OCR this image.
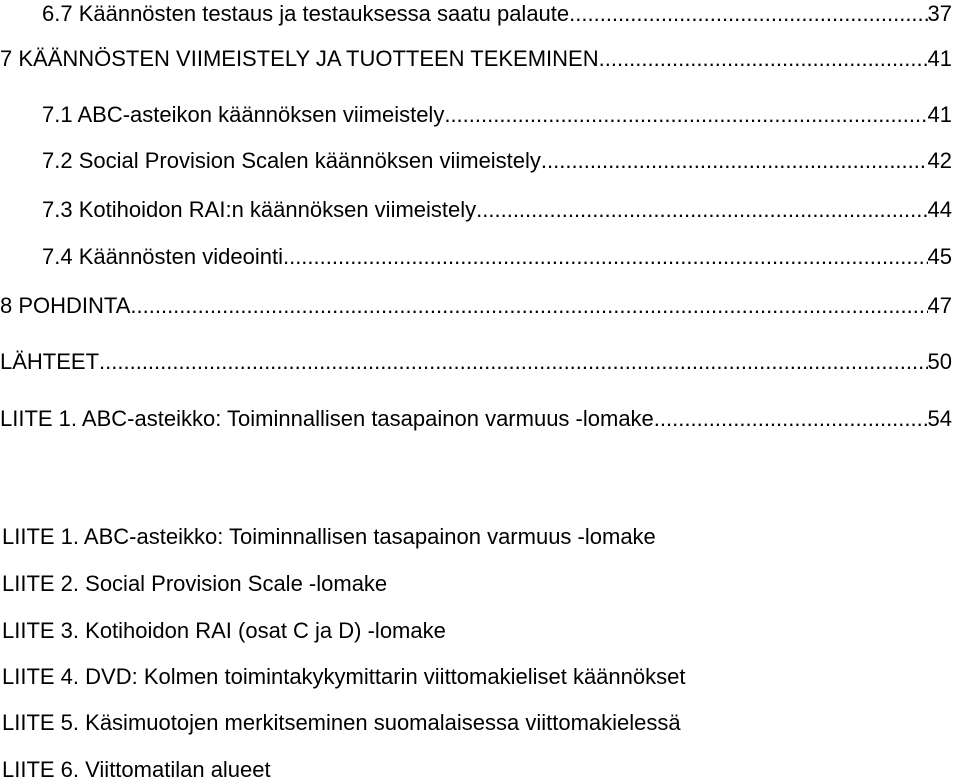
6.7 Käännösten testaus ja testauksessa saatu palaute .....	37
7 KÄÄNNÖSTEN VIIMEISTELY JA TUOTTEEN TEKEMINEN .....	41
7.1 ABC-asteikon käännöksen viimeistely .....	41
7.2 Social Provision Scalen käännöksen viimeistely .....	42
7.3 Kotihoidon RAI:n käännöksen viimeistely .....	44
7.4 Käännösten videointi .....	45
8 POHDINTA .....	47
LÄHTEET .....	50
LIITE 1. ABC-asteikko: Toiminnallisen tasapainon varmuus -lomake .....	54
LIITE 1. ABC-asteikko: Toiminnallisen tasapainon varmuus -lomake
LIITE 2. Social Provision Scale -lomake
LIITE 3. Kotihoidon RAI (osat C ja D) -lomake
LIITE 4. DVD: Kolmen toimintakykymittarin viittomakieliset käännökset
LIITE 5. Käsimuotojen merkitseminen suomalaisessa viittomakielessä
LIITE 6. Viittomatilan alueet
